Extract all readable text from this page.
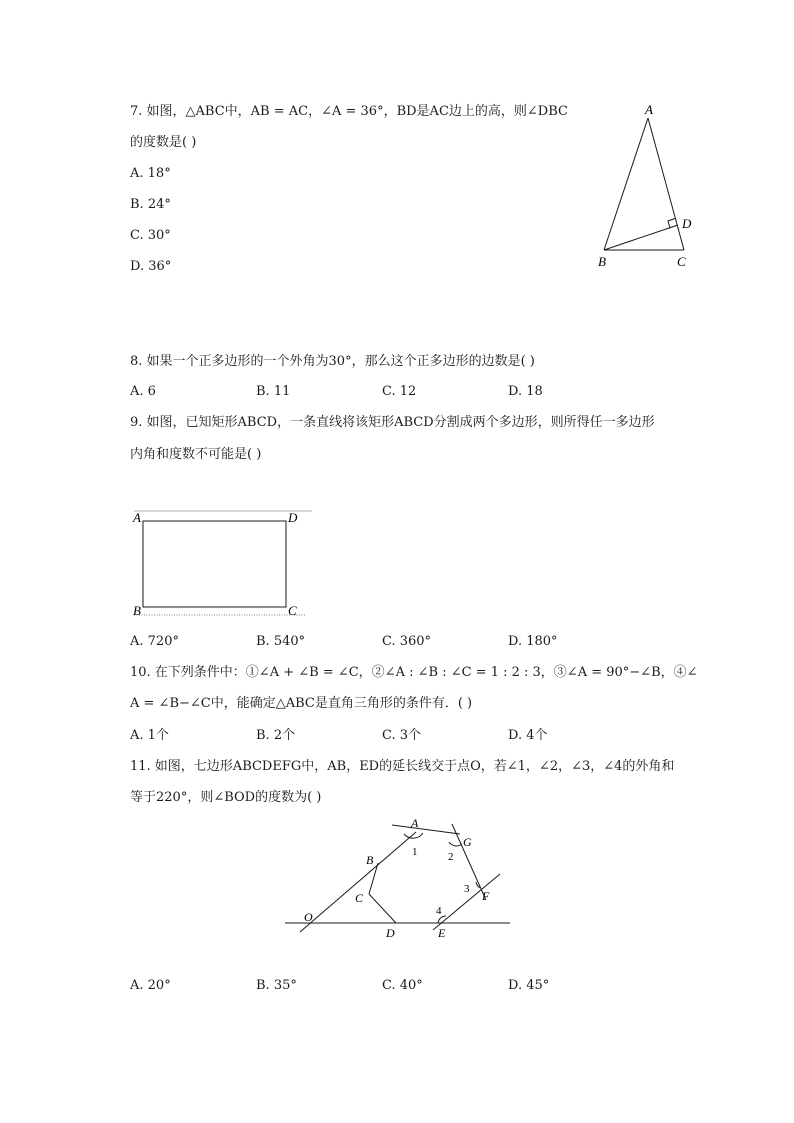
7. 如图，△ABC中，AB = AC，∠A = 36°，BD是AC边上的高，则∠DBC
的度数是( )
A. 18°
B. 24°
C. 30°
D. 36°
A
B	C
D
8. 如果一个正多边形的一个外角为30°，那么这个正多边形的边数是( )
A. 6	B. 11	C. 12	D. 18
9. 如图，已知矩形ABCD，一条直线将该矩形ABCD分割成两个多边形，则所得任一多边形
内角和度数不可能是( )
A	D
B	C
A. 720°	B. 540°	C. 360°	D. 180°
10. 在下列条件中：①∠A + ∠B = ∠C，②∠A : ∠B : ∠C = 1 : 2 : 3，③∠A = 90°−∠B，④∠
A = ∠B−∠C中，能确定△ABC是直角三角形的条件有．( )
A. 1个	B. 2个	C. 3个	D. 4个
11. 如图，七边形ABCDEFG中，AB，ED的延长线交于点O，若∠1，∠2，∠3，∠4的外角和
等于220°，则∠BOD的度数为( )
A
B
C
D	E
F
G
O
1	2
3
4
A. 20°	B. 35°	C. 40°	D. 45°
